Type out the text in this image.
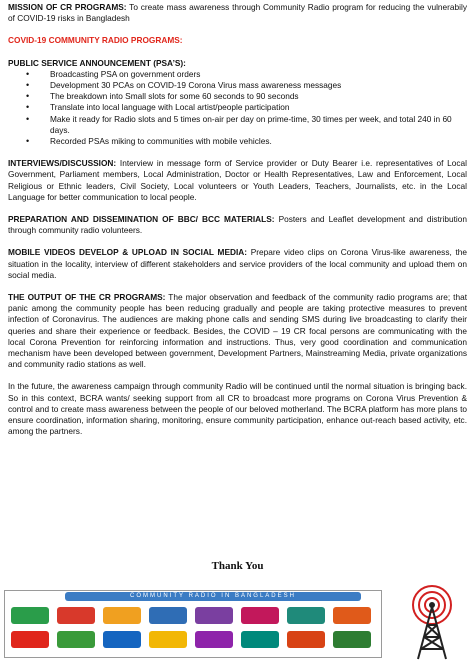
MISSION OF CR PROGRAMS: To create mass awareness through Community Radio program for reducing the vulnerabily of COVID-19 risks in Bangladesh

COVID-19 COMMUNITY RADIO PROGRAMS:

PUBLIC SERVICE ANNOUNCEMENT (PSA’S):

• Broadcasting PSA on government orders
• Development 30 PCAs on COVID-19 Corona Virus mass awareness messages
• The breakdown into Small slots for some 60 seconds to 90 seconds
• Translate into local language with Local artist/people participation
• Make it ready for Radio slots and 5 times on-air per day on prime-time, 30 times per week, and total 240 in 60 days.
• Recorded PSAs miking to communities with mobile vehicles.

INTERVIEWS/DISCUSSION: Interview in message form of Service provider or Duty Bearer i.e. representatives of Local Government, Parliament members, Local Administration, Doctor or Health Representatives, Law and Enforcement, Local Religious or Ethnic leaders, Civil Society, Local volunteers or Youth Leaders, Teachers, Journalists, etc. in the Local Language for better communication to local people.

PREPARATION AND DISSEMINATION OF BBC/ BCC MATERIALS: Posters and Leaflet development and distribution through community radio volunteers.

MOBILE VIDEOS DEVELOP & UPLOAD IN SOCIAL MEDIA: Prepare video clips on Corona Virus-like awareness, the situation in the locality, interview of different stakeholders and service providers of the local community and upload them on social media.

THE OUTPUT OF THE CR PROGRAMS: The major observation and feedback of the community radio programs are; that panic among the community people has been reducing gradually and people are taking protective measures to prevent infection of Coronavirus. The audiences are making phone calls and sending SMS during live broadcasting to clarify their queries and share their experience or feedback. Besides, the COVID – 19 CR focal persons are communicating with the local Corona Prevention for reinforcing information and instructions. Thus, very good coordination and communication mechanism have been developed between government, Development Partners, Mainstreaming Media, private organizations and community radio stations as well.

In the future, the awareness campaign through community Radio will be continued until the normal situation is bringing back. So in this context, BCRA wants/ seeking support from all CR to broadcast more programs on Corona Virus Prevention & control and to create mass awareness between the people of our beloved motherland. The BCRA platform has more plans to ensure coordination, information sharing, monitoring, ensure community participation, enhance out-reach based activity, etc. among the partners.

Thank You
COMMUNITY RADIO IN BANGLADESH
